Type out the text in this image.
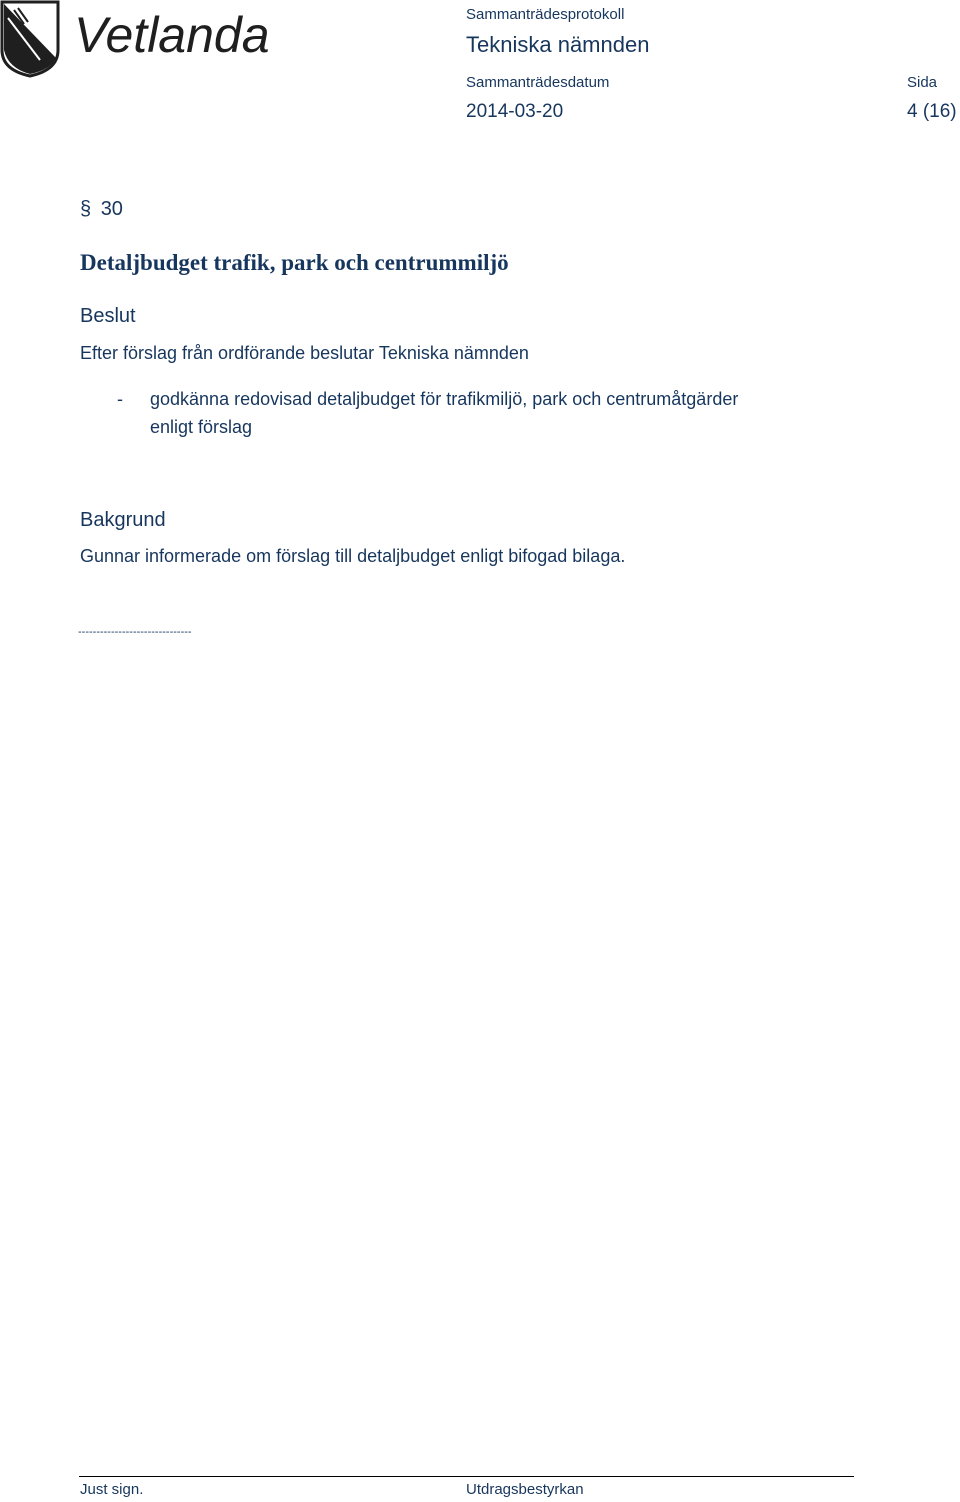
Vetlanda	Sammanträdesprotokoll
Tekniska nämnden
Sammanträdesdatum	Sida
2014-03-20	4 (16)
§ 30
Detaljbudget trafik, park och centrummiljö
Beslut
Efter förslag från ordförande beslutar Tekniska nämnden
- godkänna redovisad detaljbudget för trafikmiljö, park och centrumåtgärder
enligt förslag
Bakgrund
Gunnar informerade om förslag till detaljbudget enligt bifogad bilaga.
-------------------------------
Just sign.	Utdragsbestyrkan
